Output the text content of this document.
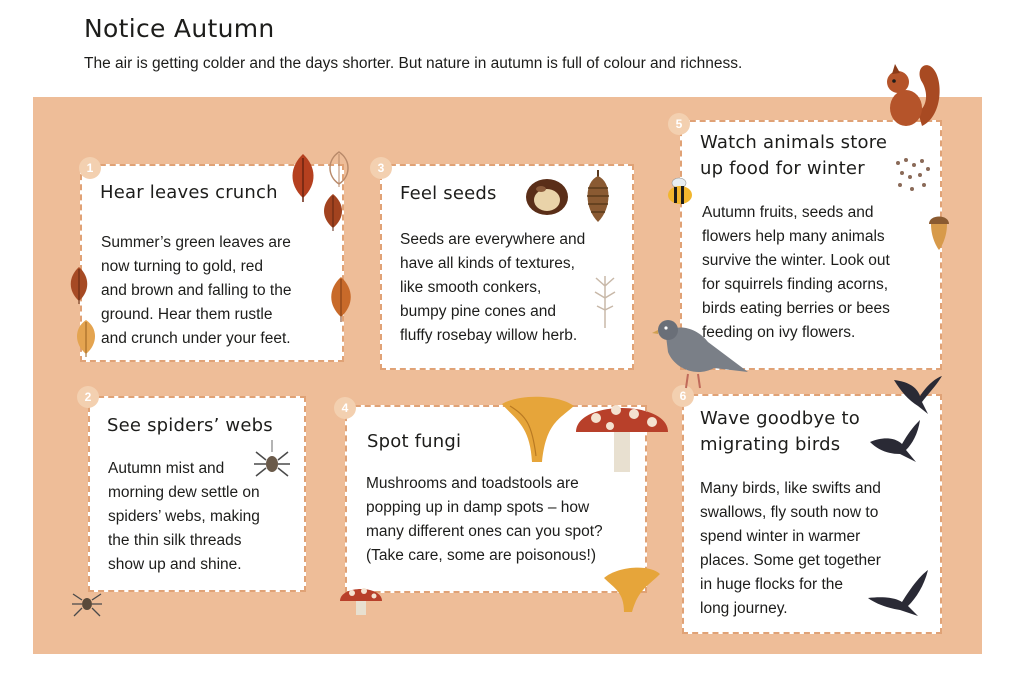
Notice Autumn
The air is getting colder and the days shorter. But nature in autumn is full of colour and richness.
1
Hear leaves crunch
Summer’s green leaves are
now turning to gold, red
and brown and falling to the
ground. Hear them rustle
and crunch under your feet.
3
Feel seeds
Seeds are everywhere and
have all kinds of textures,
like smooth conkers,
bumpy pine cones and
fluffy rosebay willow herb.
5
Watch animals store
up food for winter
Autumn fruits, seeds and
flowers help many animals
survive the winter. Look out
for squirrels finding acorns,
birds eating berries or bees
feeding on ivy flowers.
2
See spiders’ webs
Autumn mist and
morning dew settle on
spiders’ webs, making
the thin silk threads
show up and shine.
4
Spot fungi
Mushrooms and toadstools are
popping up in damp spots – how
many different ones can you spot?
(Take care, some are poisonous!)
6
Wave goodbye to
migrating birds
Many birds, like swifts and
swallows, fly south now to
spend winter in warmer
places. Some get together
in huge flocks for the
long journey.
